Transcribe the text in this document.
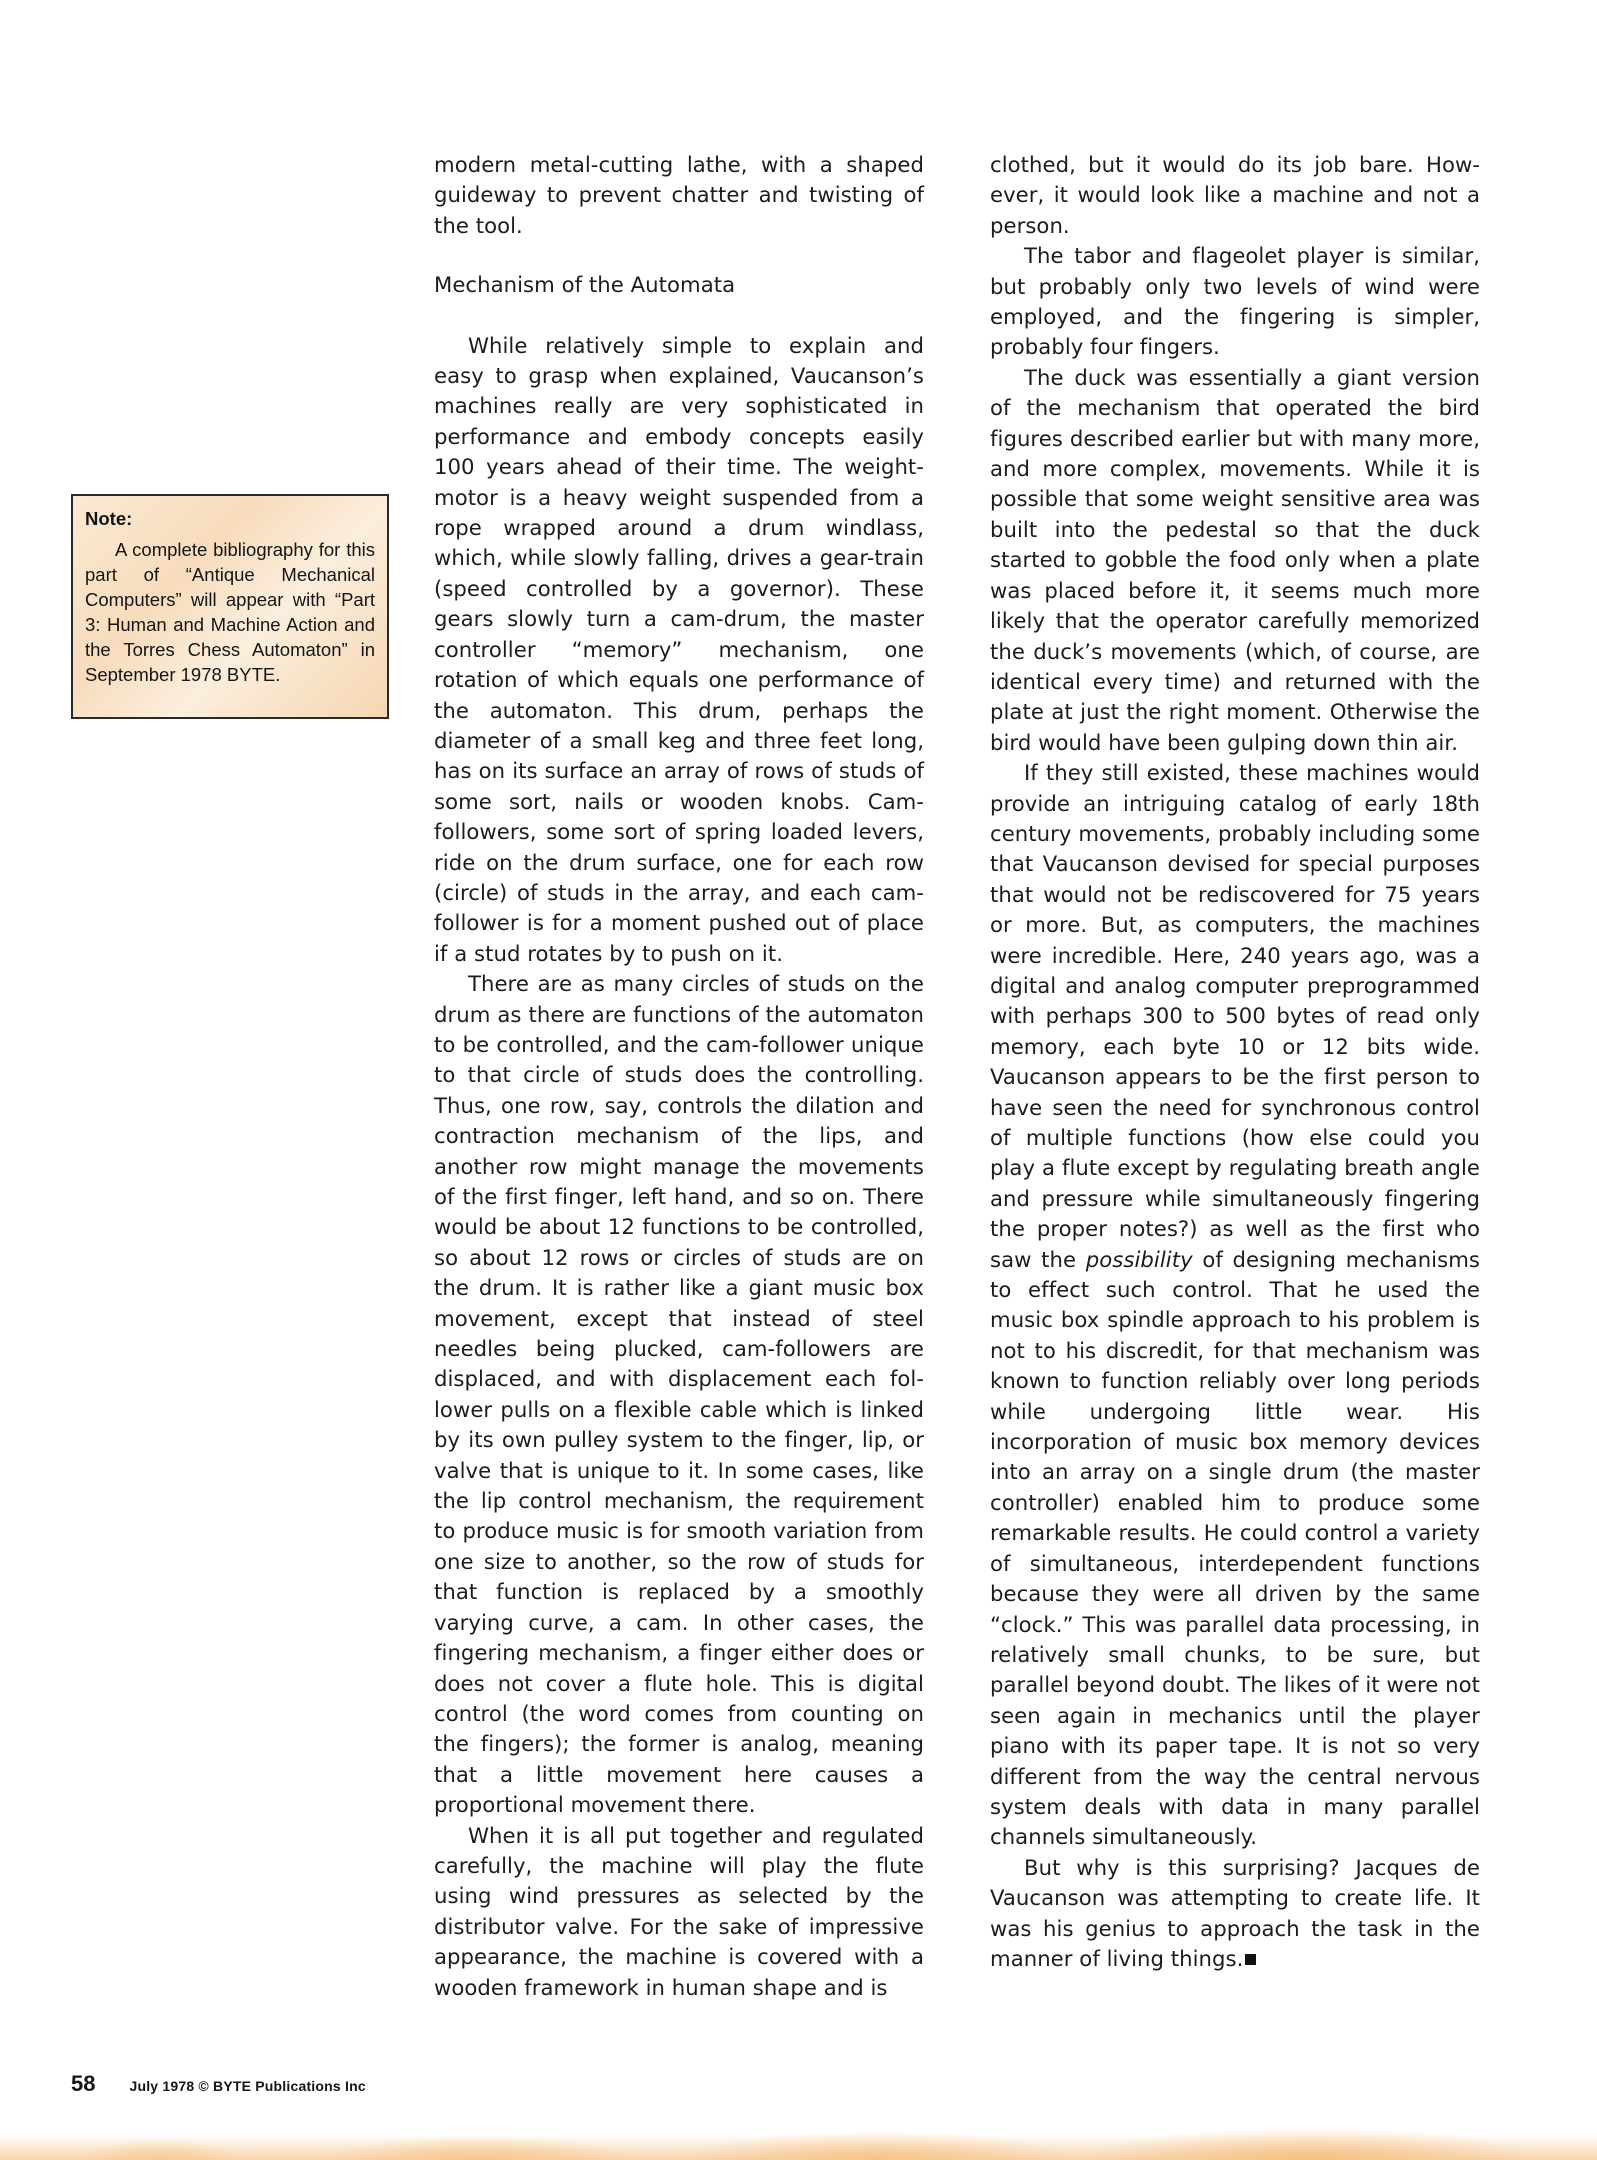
Note:

A complete bibliography for this part of “Antique Mechanical Computers” will appear with “Part 3: Human and Machine Action and the Torres Chess Automaton” in September 1978 BYTE.

modern metal-cutting lathe, with a shaped guideway to prevent chatter and twisting of the tool.

Mechanism of the Automata

While relatively simple to explain and easy to grasp when explained, Vaucanson’s machines really are very sophisticated in performance and embody concepts easily 100 years ahead of their time. The weight-motor is a heavy weight suspended from a rope wrapped around a drum windlass, which, while slowly falling, drives a gear-train (speed controlled by a governor). These gears slowly turn a cam-drum, the master controller “memory” mechanism, one rotation of which equals one performance of the automaton. This drum, perhaps the diameter of a small keg and three feet long, has on its surface an array of rows of studs of some sort, nails or wooden knobs. Cam-followers, some sort of spring loaded levers, ride on the drum surface, one for each row (circle) of studs in the array, and each cam-follower is for a moment pushed out of place if a stud rotates by to push on it.

There are as many circles of studs on the drum as there are functions of the automaton to be controlled, and the cam-follower unique to that circle of studs does the controlling. Thus, one row, say, controls the dilation and contraction mechanism of the lips, and another row might manage the movements of the first finger, left hand, and so on. There would be about 12 functions to be controlled, so about 12 rows or circles of studs are on the drum. It is rather like a giant music box movement, except that instead of steel needles being plucked, cam-followers are displaced, and with displacement each follower pulls on a flexible cable which is linked by its own pulley system to the finger, lip, or valve that is unique to it. In some cases, like the lip control mechanism, the requirement to produce music is for smooth variation from one size to another, so the row of studs for that function is replaced by a smoothly varying curve, a cam. In other cases, the fingering mechanism, a finger either does or does not cover a flute hole. This is digital control (the word comes from counting on the fingers); the former is analog, meaning that a little movement here causes a proportional movement there.

When it is all put together and regulated carefully, the machine will play the flute using wind pressures as selected by the distributor valve. For the sake of impressive appearance, the machine is covered with a wooden framework in human shape and is

clothed, but it would do its job bare. However, it would look like a machine and not a person.

The tabor and flageolet player is similar, but probably only two levels of wind were employed, and the fingering is simpler, probably four fingers.

The duck was essentially a giant version of the mechanism that operated the bird figures described earlier but with many more, and more complex, movements. While it is possible that some weight sensitive area was built into the pedestal so that the duck started to gobble the food only when a plate was placed before it, it seems much more likely that the operator carefully memorized the duck’s movements (which, of course, are identical every time) and returned with the plate at just the right moment. Otherwise the bird would have been gulping down thin air.

If they still existed, these machines would provide an intriguing catalog of early 18th century movements, probably including some that Vaucanson devised for special purposes that would not be rediscovered for 75 years or more. But, as computers, the machines were incredible. Here, 240 years ago, was a digital and analog computer preprogrammed with perhaps 300 to 500 bytes of read only memory, each byte 10 or 12 bits wide. Vaucanson appears to be the first person to have seen the need for synchronous control of multiple functions (how else could you play a flute except by regulating breath angle and pressure while simultaneously fingering the proper notes?) as well as the first who saw the possibility of designing mechanisms to effect such control. That he used the music box spindle approach to his problem is not to his discredit, for that mechanism was known to function reliably over long periods while undergoing little wear. His incorporation of music box memory devices into an array on a single drum (the master controller) enabled him to produce some remarkable results. He could control a variety of simultaneous, interdependent functions because they were all driven by the same “clock.” This was parallel data processing, in relatively small chunks, to be sure, but parallel beyond doubt. The likes of it were not seen again in mechanics until the player piano with its paper tape. It is not so very different from the way the central nervous system deals with data in many parallel channels simultaneously.

But why is this surprising? Jacques de Vaucanson was attempting to create life. It was his genius to approach the task in the manner of living things.

58 July 1978 © BYTE Publications Inc
